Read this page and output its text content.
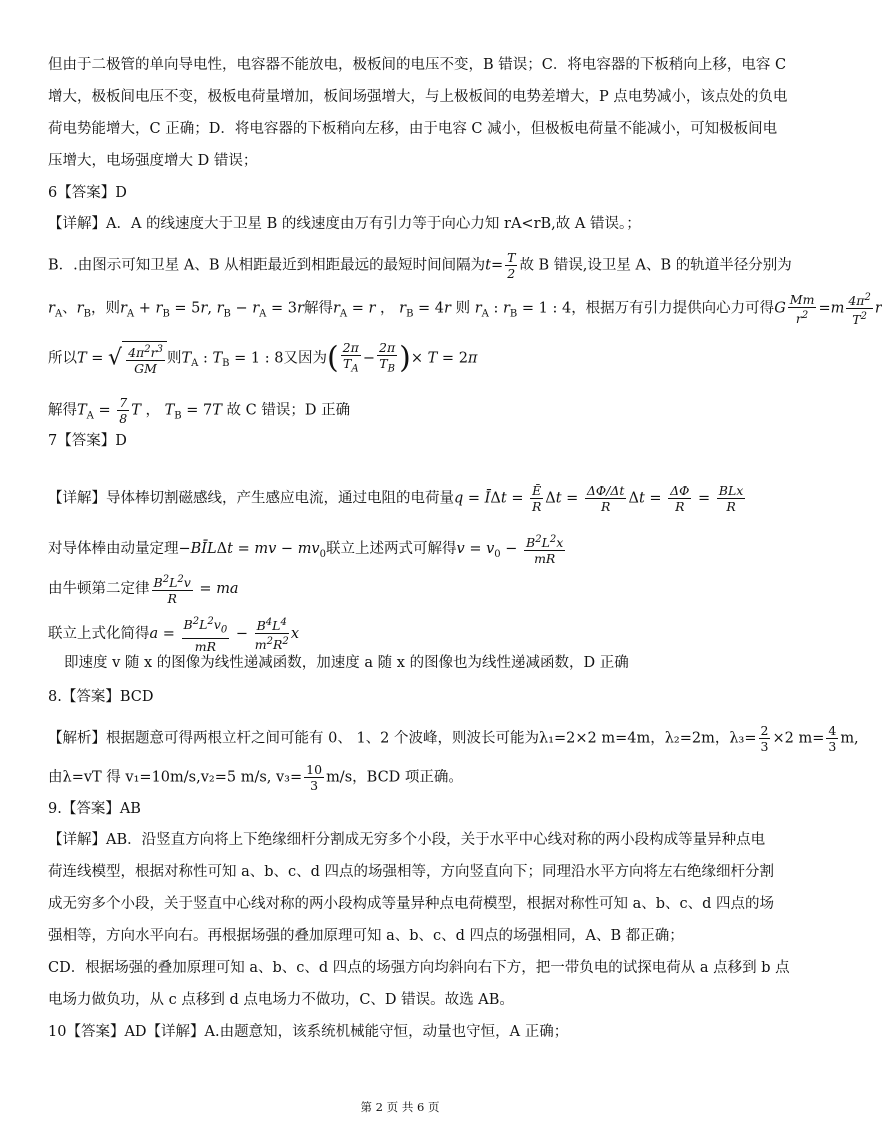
但由于二极管的单向导电性，电容器不能放电，极板间的电压不变，B 错误；C．将电容器的下板稍向上移，电容 C
增大，极板间电压不变，极板电荷量增加，板间场强增大，与上极板间的电势差增大，P 点电势减小，该点处的负电
荷电势能增大，C 正确；D．将电容器的下板稍向左移，由于电容 C 减小，但极板电荷量不能减小，可知极板间电
压增大，电场强度增大 D 错误；
6【答案】D
【详解】A．A 的线速度大于卫星 B 的线速度由万有引力等于向心力知 rA<rB,故 A 错误。；
B．.由图示可知卫星 A、B 从相距最近到相距最远的最短时间间隔为$t= \frac{T}{2}$ 故 B 错误,设卫星 A、B 的轨道半径分别为
$r_A$、$r_B$，则$r_A + r_B = 5r$, $r_B - r_A = 3r$解得$r_A = r$ ， $r_B = 4r$ 则 $r_A$ : $r_B = 1$ : 4，根据万有引力提供向心力可得G $\frac{Mm}{r^2} =m \frac{4\pi^2}{T^2}$ r
所以T = √ $\frac{4\pi^2r^3}{GM}$ 则$T_A$ : $T_B = 1$ : 8又因为( $\frac{2\pi}{T_A} - \frac{2\pi}{T_B}$ )× T = 2π
解得$T_A = \frac{7}{8}$ T ， $T_B = 7T$ 故 C 错误；D 正确
7【答案】D
【详解】导体棒切割磁感线，产生感应电流，通过电阻的电荷量q = ĪΔt = $\frac{Ē}{R}$ $\Delta t = \frac{\Delta\Phi/\Delta t}{R}$ $\Delta t = \frac{\Delta\Phi}{R} = \frac{\text{BLx}}{R}$
对导体棒由动量定理−BĪLΔt = mv − $mv_0$联立上述两式可解得$v = v_0 - \frac{B^2L^2x}{mR}$
由牛顿第二定律 $\frac{B^2L^2v}{R}$ = ma
联立上式化简得$a = \frac{B^2L^2v_0}{mR} - \frac{B^4L^4}{m^2R^2}$ x
即速度 v 随 x 的图像为线性递减函数，加速度 a 随 x 的图像也为线性递减函数，D 正确
8.【答案】BCD
【解析】根据题意可得两根立杆之间可能有 0、 1、2 个波峰，则波长可能为λ₁=2×2 m=4m，λ₂=2m，$\lambda_3= \frac{2}{3} \times 2$ $m= \frac{4}{3} m$,
由λ=vT 得 v₁=10m/s,v₂=5 m/s, $v_3= \frac{10}{3} m/s$，BCD 项正确。
9.【答案】AB
【详解】AB．沿竖直方向将上下绝缘细杆分割成无穷多个小段，关于水平中心线对称的两小段构成等量异种点电
荷连线模型，根据对称性可知 a、b、c、d 四点的场强相等，方向竖直向下；同理沿水平方向将左右绝缘细杆分割
成无穷多个小段，关于竖直中心线对称的两小段构成等量异种点电荷模型，根据对称性可知 a、b、c、d 四点的场
强相等，方向水平向右。再根据场强的叠加原理可知 a、b、c、d 四点的场强相同，A、B 都正确；
CD．根据场强的叠加原理可知 a、b、c、d 四点的场强方向均斜向右下方，把一带负电的试探电荷从 a 点移到 b 点
电场力做负功，从 c 点移到 d 点电场力不做功，C、D 错误。故选 AB。
10【答案】AD【详解】A.由题意知，该系统机械能守恒，动量也守恒，A 正确；
第 2 页 共 6 页
